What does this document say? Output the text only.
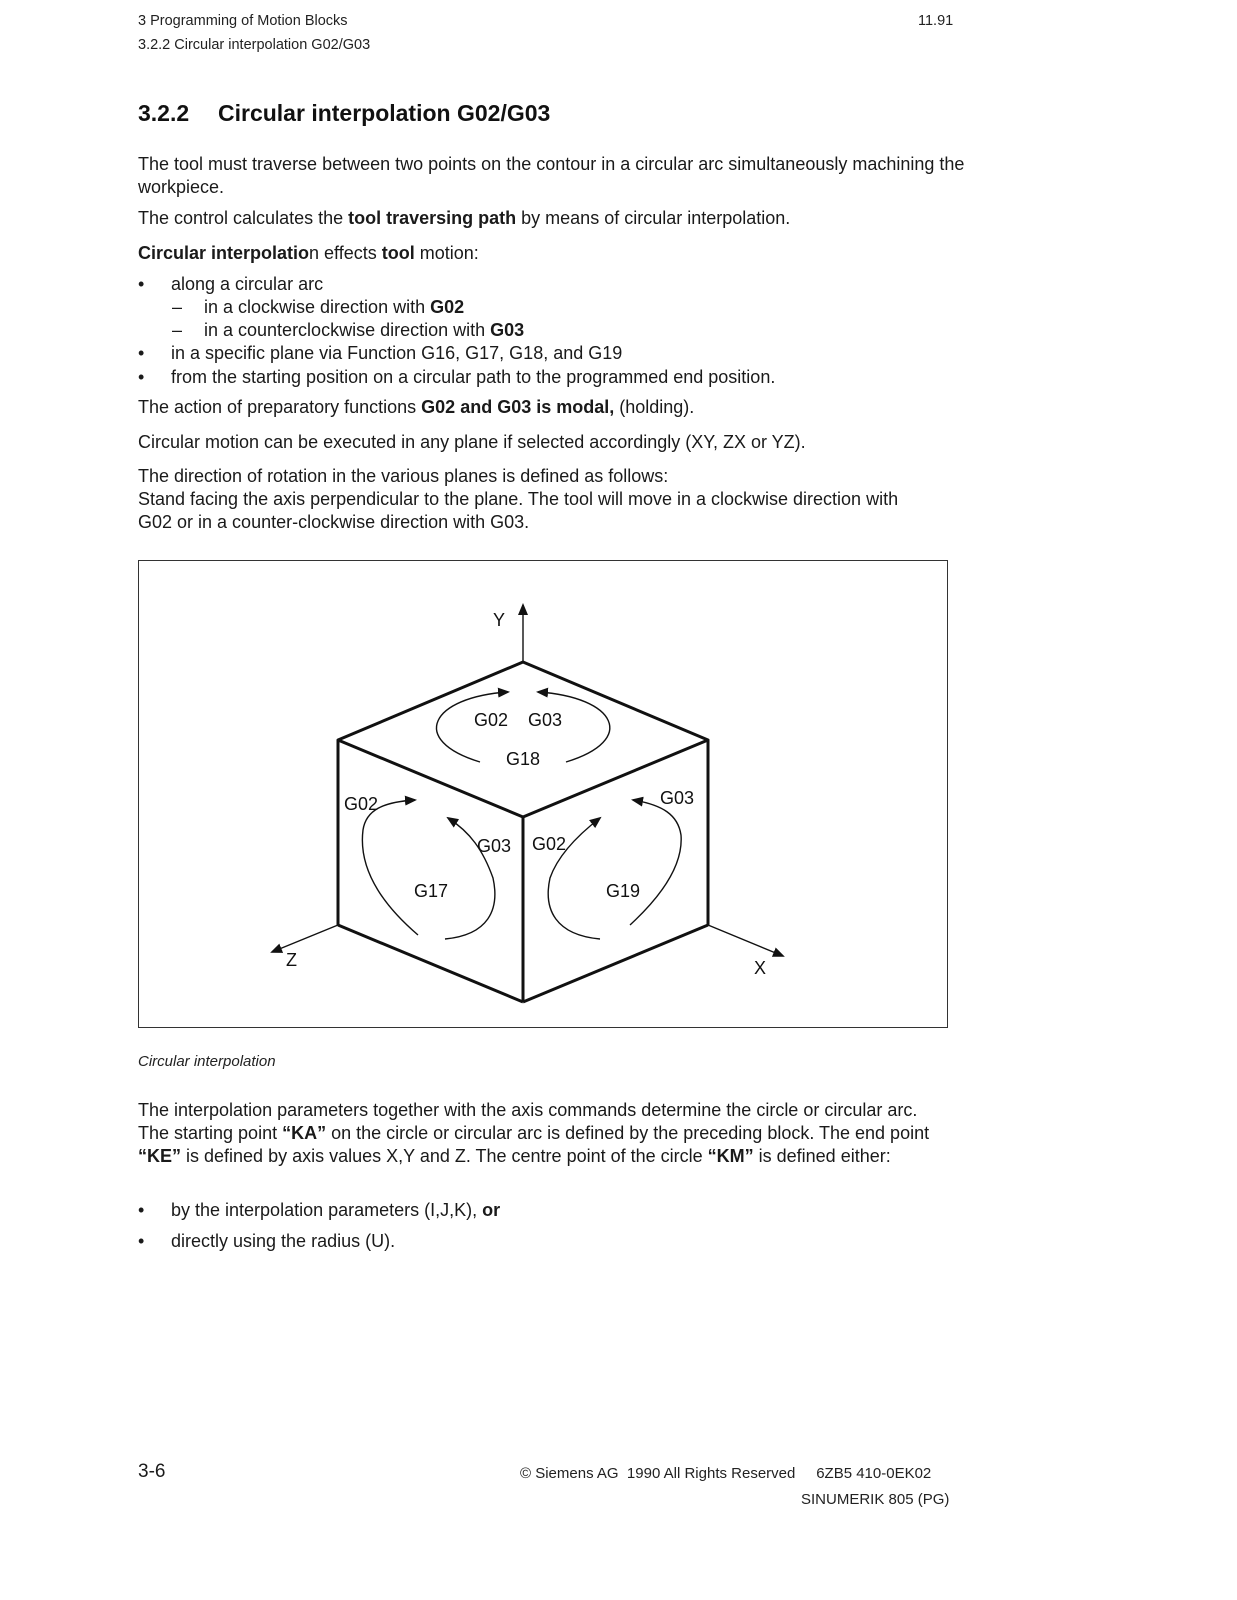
3 Programming of Motion Blocks
3.2.2 Circular interpolation G02/G03
11.91
3.2.2 Circular interpolation G02/G03

The tool must traverse between two points on the contour in a circular arc simultaneously machining the workpiece.

The control calculates the tool traversing path by means of circular interpolation.

Circular interpolation effects tool motion:

• along a circular arc
– in a clockwise direction with G02
– in a counterclockwise direction with G03
• in a specific plane via Function G16, G17, G18, and G19
• from the starting position on a circular path to the programmed end position.

The action of preparatory functions G02 and G03 is modal, (holding).

Circular motion can be executed in any plane if selected accordingly (XY, ZX or YZ).

The direction of rotation in the various planes is defined as follows:
Stand facing the axis perpendicular to the plane. The tool will move in a clockwise direction with G02 or in a counter-clockwise direction with G03.

Y
Z	X
G02 G03
G18
G02
G03
G17
G02
G03
G19
Circular interpolation

The interpolation parameters together with the axis commands determine the circle or circular arc. The starting point “KA” on the circle or circular arc is defined by the preceding block. The end point “KE” is defined by axis values X,Y and Z. The centre point of the circle “KM” is defined either:

• by the interpolation parameters (I,J,K), or
• directly using the radius (U).
3-6	© Siemens AG  1990 All Rights Reserved     6ZB5 410-0EK02
SINUMERIK 805 (PG)
